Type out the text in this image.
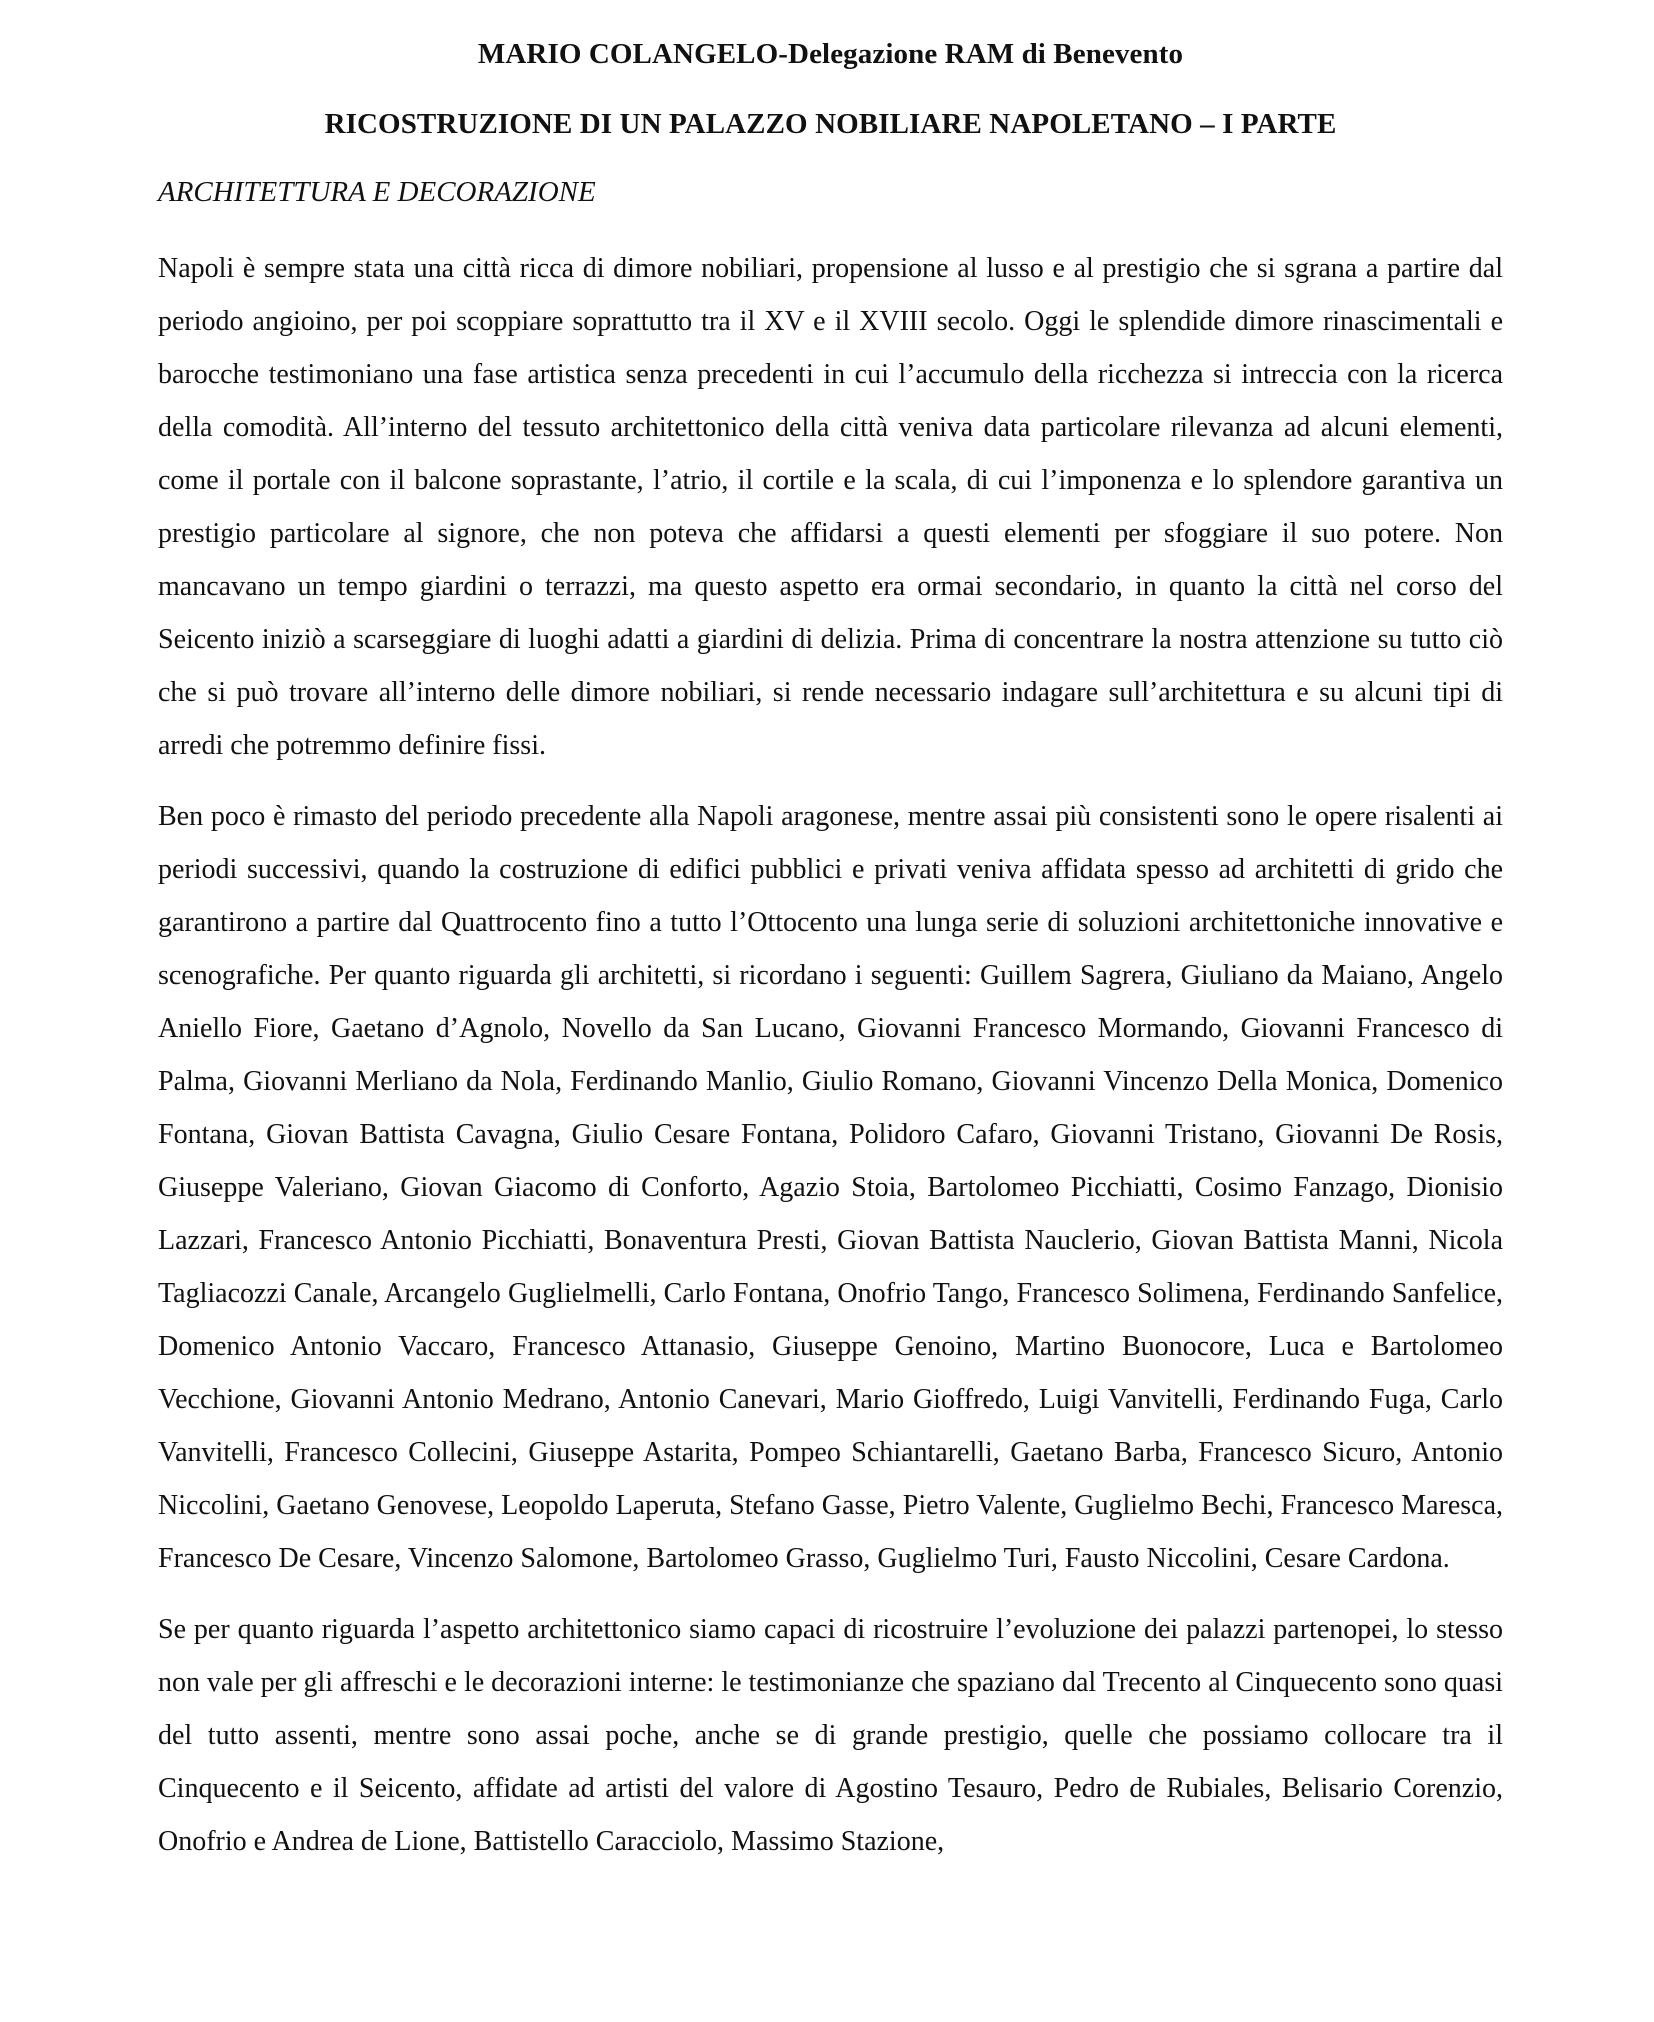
MARIO COLANGELO-Delegazione RAM di Benevento
RICOSTRUZIONE DI UN PALAZZO NOBILIARE NAPOLETANO – I PARTE
ARCHITETTURA E DECORAZIONE

Napoli è sempre stata una città ricca di dimore nobiliari, propensione al lusso e al prestigio che si sgrana a partire dal periodo angioino, per poi scoppiare soprattutto tra il XV e il XVIII secolo. Oggi le splendide dimore rinascimentali e barocche testimoniano una fase artistica senza precedenti in cui l’accumulo della ricchezza si intreccia con la ricerca della comodità. All’interno del tessuto architettonico della città veniva data particolare rilevanza ad alcuni elementi, come il portale con il balcone soprastante, l’atrio, il cortile e la scala, di cui l’imponenza e lo splendore garantiva un prestigio particolare al signore, che non poteva che affidarsi a questi elementi per sfoggiare il suo potere. Non mancavano un tempo giardini o terrazzi, ma questo aspetto era ormai secondario, in quanto la città nel corso del Seicento iniziò a scarseggiare di luoghi adatti a giardini di delizia. Prima di concentrare la nostra attenzione su tutto ciò che si può trovare all’interno delle dimore nobiliari, si rende necessario indagare sull’architettura e su alcuni tipi di arredi che potremmo definire fissi.

Ben poco è rimasto del periodo precedente alla Napoli aragonese, mentre assai più consistenti sono le opere risalenti ai periodi successivi, quando la costruzione di edifici pubblici e privati veniva affidata spesso ad architetti di grido che garantirono a partire dal Quattrocento fino a tutto l’Ottocento una lunga serie di soluzioni architettoniche innovative e scenografiche. Per quanto riguarda gli architetti, si ricordano i seguenti: Guillem Sagrera, Giuliano da Maiano, Angelo Aniello Fiore, Gaetano d’Agnolo, Novello da San Lucano, Giovanni Francesco Mormando, Giovanni Francesco di Palma, Giovanni Merliano da Nola, Ferdinando Manlio, Giulio Romano, Giovanni Vincenzo Della Monica, Domenico Fontana, Giovan Battista Cavagna, Giulio Cesare Fontana, Polidoro Cafaro, Giovanni Tristano, Giovanni De Rosis, Giuseppe Valeriano, Giovan Giacomo di Conforto, Agazio Stoia, Bartolomeo Picchiatti, Cosimo Fanzago, Dionisio Lazzari, Francesco Antonio Picchiatti, Bonaventura Presti, Giovan Battista Nauclerio, Giovan Battista Manni, Nicola Tagliacozzi Canale, Arcangelo Guglielmelli, Carlo Fontana, Onofrio Tango, Francesco Solimena, Ferdinando Sanfelice, Domenico Antonio Vaccaro, Francesco Attanasio, Giuseppe Genoino, Martino Buonocore, Luca e Bartolomeo Vecchione, Giovanni Antonio Medrano, Antonio Canevari, Mario Gioffredo, Luigi Vanvitelli, Ferdinando Fuga, Carlo Vanvitelli, Francesco Collecini, Giuseppe Astarita, Pompeo Schiantarelli, Gaetano Barba, Francesco Sicuro, Antonio Niccolini, Gaetano Genovese, Leopoldo Laperuta, Stefano Gasse, Pietro Valente, Guglielmo Bechi, Francesco Maresca, Francesco De Cesare, Vincenzo Salomone, Bartolomeo Grasso, Guglielmo Turi, Fausto Niccolini, Cesare Cardona.

Se per quanto riguarda l’aspetto architettonico siamo capaci di ricostruire l’evoluzione dei palazzi partenopei, lo stesso non vale per gli affreschi e le decorazioni interne: le testimonianze che spaziano dal Trecento al Cinquecento sono quasi del tutto assenti, mentre sono assai poche, anche se di grande prestigio, quelle che possiamo collocare tra il Cinquecento e il Seicento, affidate ad artisti del valore di Agostino Tesauro, Pedro de Rubiales, Belisario Corenzio, Onofrio e Andrea de Lione, Battistello Caracciolo, Massimo Stazione,
